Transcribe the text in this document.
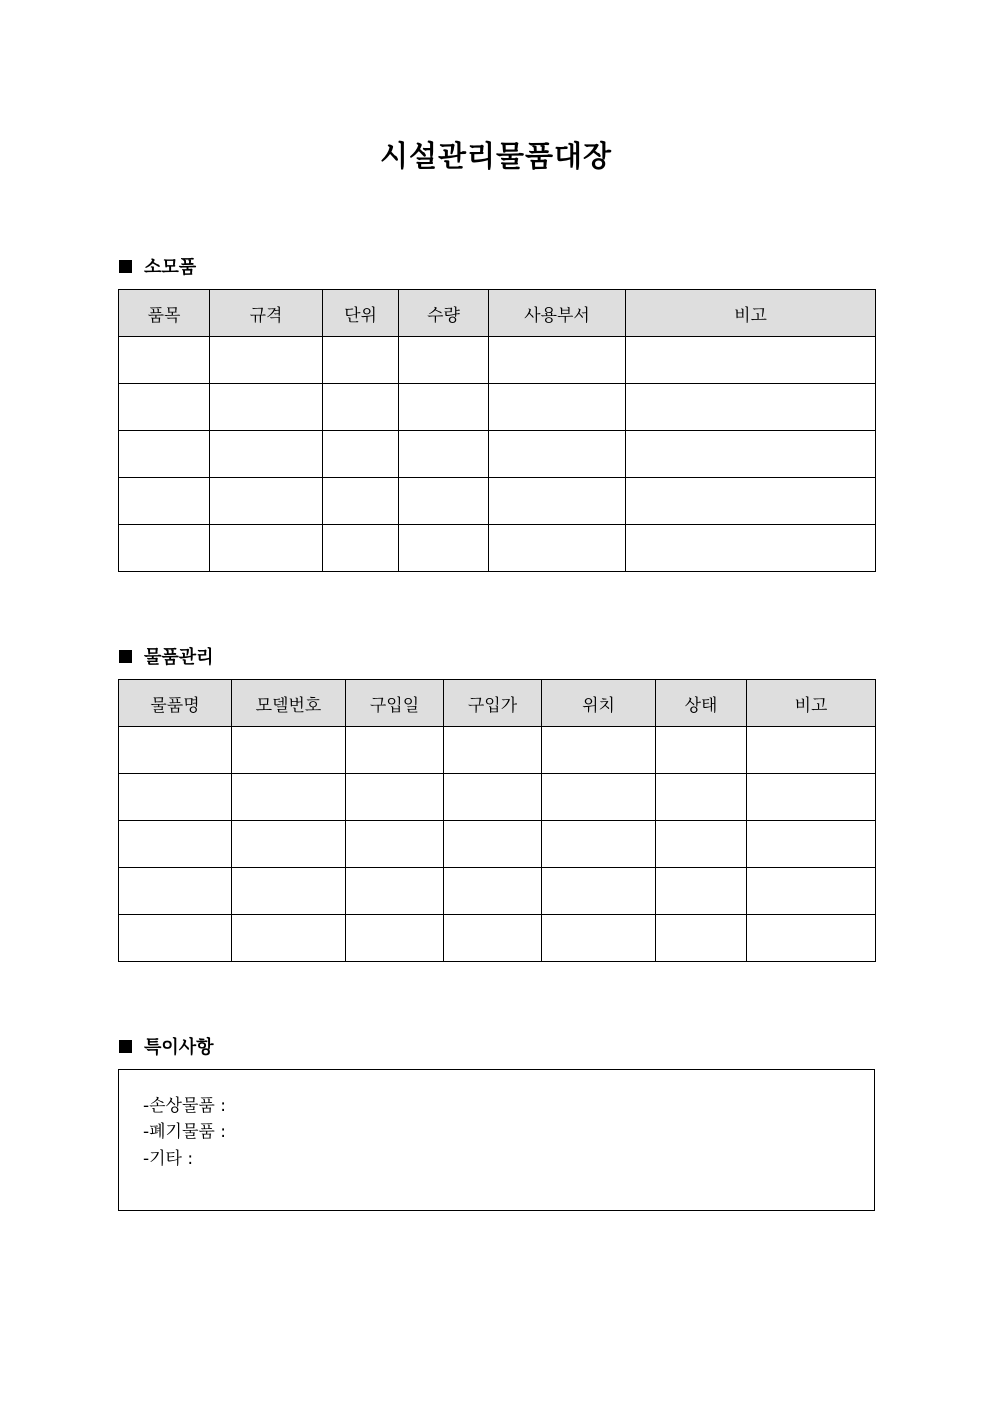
시설관리물품대장
소모품
품목	규격	단위	수량	사용부서	비고

물품관리
물품명	모델번호	구입일	구입가	위치	상태	비고

특이사항
-손상물품 :
-폐기물품 :
-기타 :
